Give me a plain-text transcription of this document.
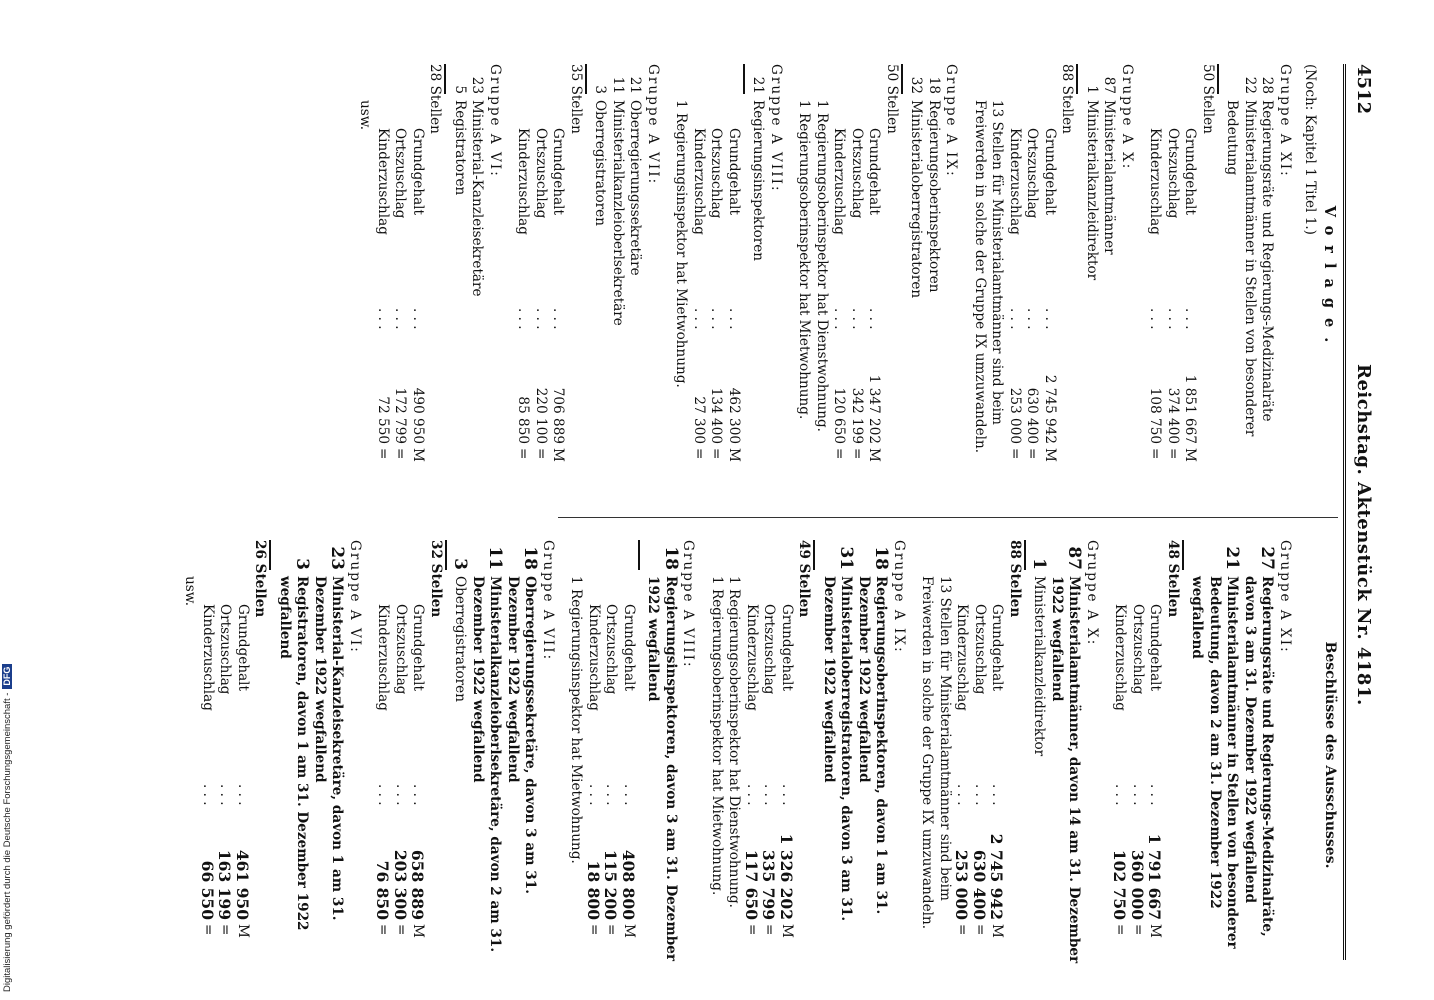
4512
Reichstag. Aktenstück Nr. 4181.
Vorlage.
(Noch: Kapitel 1 Titel 1.)
Gruppe A XI:
28
Regierungsräte und Regierungs-Medizinalräte
22
Ministerialamtmänner in Stellen von besonderer Bedeutung
50 Stellen
Grundgehalt
. . .
1 851 667
M
Ortszuschlag
. . .
374 400
=
Kinderzuschlag
. . .
108 750
=
Gruppe A X:
87
Ministerialamtmänner
1
Ministerialkanzleidirektor
88 Stellen
Grundgehalt
. . .
2 745 942
M
Ortszuschlag
. . .
630 400
=
Kinderzuschlag
. . .
253 000
=
13 Stellen für Ministerialamtmänner sind beim Freiwerden in solche der Gruppe IX umzuwandeln.
Gruppe A IX:
18
Regierungsoberinspektoren
32
Ministerialoberregistratoren
50 Stellen
Grundgehalt
. . .
1 347 202
M
Ortszuschlag
. . .
342 199
=
Kinderzuschlag
. . .
120 650
=
1 Regierungsoberinspektor hat Dienstwohnung.
1 Regierungsoberinspektor hat Mietwohnung.
Gruppe A VIII:
21
Regierungsinspektoren
Grundgehalt
. . .
462 300
M
Ortszuschlag
. . .
134 400
=
Kinderzuschlag
. . .
27 300
=
1 Regierungsinspektor hat Mietwohnung.
Gruppe A VII:
21
Oberregierungssekretäre
11
Ministerialkanzleioberlsekretäre
3
Oberregistratoren
35 Stellen
Grundgehalt
. . .
706 889
M
Ortszuschlag
. . .
220 100
=
Kinderzuschlag
. . .
85 850
=
Gruppe A VI:
23
Ministerial-Kanzleisekretäre
5
Registratoren
28 Stellen
Grundgehalt
. . .
490 950
M
Ortszuschlag
. . .
172 799
=
Kinderzuschlag
. . .
72 550
=
usw.
Beschlüsse des Ausschusses.

Gruppe A XI:
27
Regierungsräte und Regierungs-Medizinalräte, davon 3 am 31. Dezember 1922 wegfallend
21
Ministerialamtmänner in Stellen von besonderer Bedeutung, davon 2 am 31. Dezember 1922 wegfallend
48 Stellen
Grundgehalt
. . .
1 791 667
M
Ortszuschlag
. . .
360 000
=
Kinderzuschlag
. . .
102 750
=
Gruppe A X:
87
Ministerialamtmänner, davon 14 am 31. Dezember 1922 wegfallend
1
Ministerialkanzleidirektor
88 Stellen
Grundgehalt
. . .
2 745 942
M
Ortszuschlag
. . .
630 400
=
Kinderzuschlag
. . .
253 000
=
13 Stellen für Ministerialamtmänner sind beim Freiwerden in solche der Gruppe IX umzuwandeln.
Gruppe A IX:
18
Regierungsoberinspektoren, davon 1 am 31. Dezember 1922 wegfallend
31
Ministerialoberregistratoren, davon 3 am 31. Dezember 1922 wegfallend
49 Stellen
Grundgehalt
. . .
1 326 202
M
Ortszuschlag
. . .
335 799
=
Kinderzuschlag
. . .
117 650
=
1 Regierungsoberinspektor hat Dienstwohnung.
1 Regierungsoberinspektor hat Mietwohnung.
Gruppe A VIII:
18
Regierungsinspektoren, davon 3 am 31. Dezember 1922 wegfallend
Grundgehalt
. . .
408 800
M
Ortszuschlag
. . .
115 200
=
Kinderzuschlag
. . .
18 800
=
1 Regierungsinspektor hat Mietwohnung.
Gruppe A VII:
18
Oberregierungssekretäre, davon 3 am 31. Dezember 1922 wegfallend
11
Ministerialkanzleioberlsekretäre, davon 2 am 31. Dezember 1922 wegfallend
3
Oberregistratoren
32 Stellen
Grundgehalt
. . .
658 889
M
Ortszuschlag
. . .
203 300
=
Kinderzuschlag
. . .
76 850
=
Gruppe A VI:
23
Ministerial-Kanzleisekretäre, davon 1 am 31. Dezember 1922 wegfallend
3
Registratoren, davon 1 am 31. Dezember 1922 wegfallend
26 Stellen
Grundgehalt
. . .
461 950
M
Ortszuschlag
. . .
163 199
=
Kinderzuschlag
. . .
66 550
=
usw.
Digitalisierung gefördert durch die Deutsche Forschungsgemeinschaft -DFG
